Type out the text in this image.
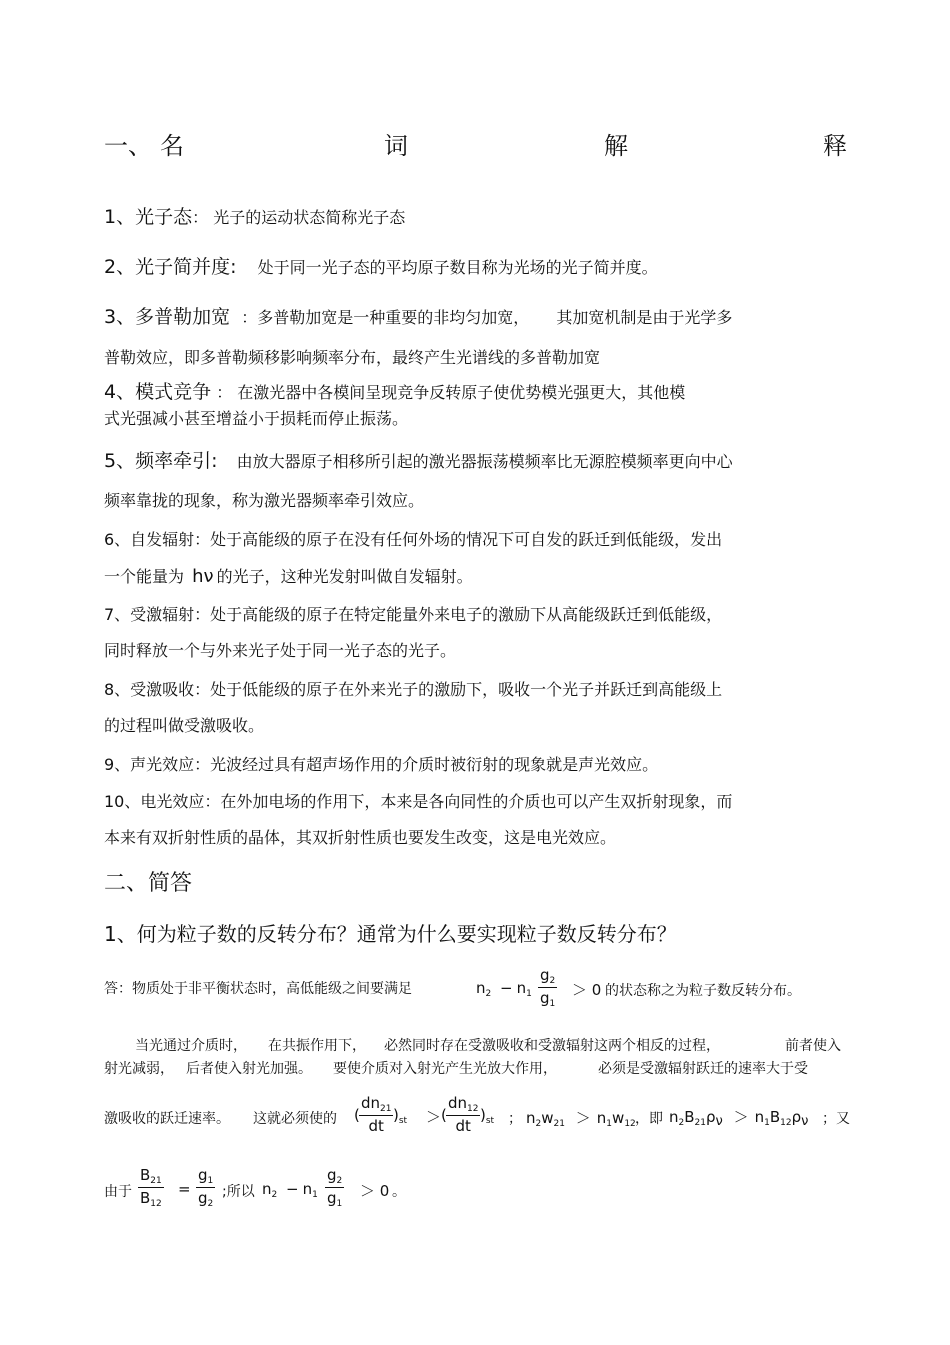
一、 名	词	解	释
1、光子态： 光子的运动状态简称光子态
2、光子简并度: 处于同一光子态的平均原子数目称为光场的光子简并度。
3、多普勒加宽 ：多普勒加宽是一种重要的非均匀加宽， 其加宽机制是由于光学多
普勒效应，即多普勒频移影响频率分布，最终产生光谱线的多普勒加宽
4、模式竞争 ： 在激光器中各模间呈现竞争反转原子使优势模光强更大，其他模
式光强减小甚至增益小于损耗而停止振荡。
5、频率牵引: 由放大器原子相移所引起的激光器振荡模频率比无源腔模频率更向中心
频率靠拢的现象，称为激光器频率牵引效应。
6、自发辐射：处于高能级的原子在没有任何外场的情况下可自发的跃迁到低能级，发出
一个能量为 hν 的光子，这种光发射叫做自发辐射。
7、受激辐射：处于高能级的原子在特定能量外来电子的激励下从高能级跃迁到低能级，
同时释放一个与外来光子处于同一光子态的光子。
8、受激吸收：处于低能级的原子在外来光子的激励下，吸收一个光子并跃迁到高能级上
的过程叫做受激吸收。
9、声光效应：光波经过具有超声场作用的介质时被衍射的现象就是声光效应。
10、电光效应：在外加电场的作用下，本来是各向同性的介质也可以产生双折射现象，而
本来有双折射性质的晶体，其双折射性质也要发生改变，这是电光效应。
二、简答
1、何为粒子数的反转分布？通常为什么要实现粒子数反转分布？
答：物质处于非平衡状态时，高低能级之间要满足	$n_2 - n_1$
$g_2$
$g_1$
＞ 0 的状态称之为粒子数反转分布。
当光通过介质时， 在共振作用下， 必然同时存在受激吸收和受激辐射这两个相反的过程，	前者使入
射光减弱， 后者使入射光加强。 要使介质对入射光产生光放大作用，	必须是受激辐射跃迁的速率大于受
激吸收的跃迁速率。 这就必须使的 (
$dn_{21}$
dt
)$_{st}$ ＞ (
$dn_{12}$
dt
)$_{st}$ ； $n_2w_{21} > n_1w_{12}$ ，即 $n_2B_{21}\rho_\nu > n_1B_{12}\rho_\nu$ ；又
由于
$B_{21}$
$B_{12}$
=
$g_1$
$g_2$
;所以 $n_2 - n_1$
$g_2$
$g_1$
＞ 0 。
